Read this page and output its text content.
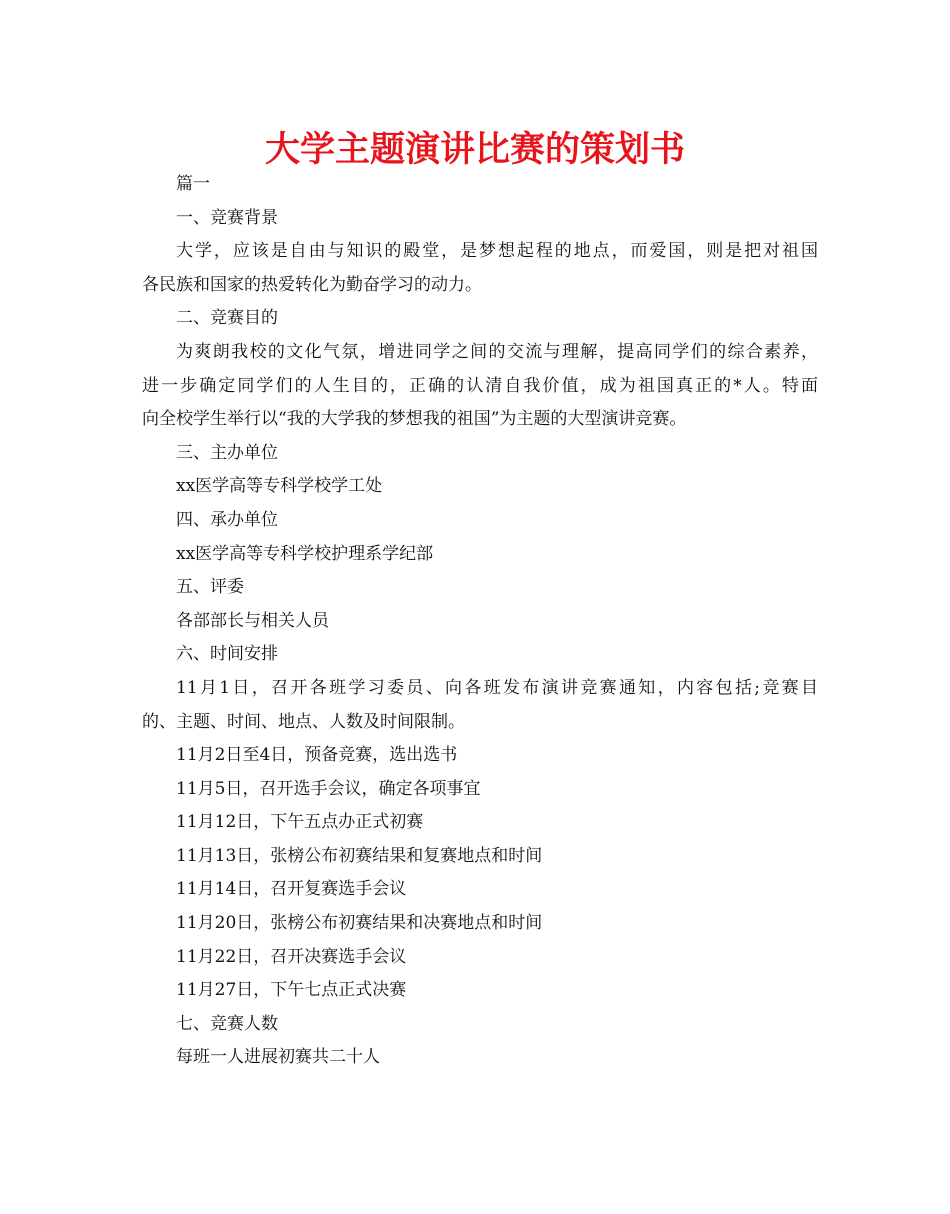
大学主题演讲比赛的策划书
篇一
一、竞赛背景
大学，应该是自由与知识的殿堂，是梦想起程的地点，而爱国，则是把对祖国
各民族和国家的热爱转化为勤奋学习的动力。
二、竞赛目的
为爽朗我校的文化气氛，增进同学之间的交流与理解，提高同学们的综合素养，
进一步确定同学们的人生目的，正确的认清自我价值，成为祖国真正的*人。特面
向全校学生举行以“我的大学我的梦想我的祖国”为主题的大型演讲竞赛。
三、主办单位
xx医学高等专科学校学工处
四、承办单位
xx医学高等专科学校护理系学纪部
五、评委
各部部长与相关人员
六、时间安排
11月1日，召开各班学习委员、向各班发布演讲竞赛通知，内容包括;竞赛目
的、主题、时间、地点、人数及时间限制。
11月2日至4日，预备竞赛，选出选书
11月5日，召开选手会议，确定各项事宜
11月12日，下午五点办正式初赛
11月13日，张榜公布初赛结果和复赛地点和时间
11月14日，召开复赛选手会议
11月20日，张榜公布初赛结果和决赛地点和时间
11月22日，召开决赛选手会议
11月27日，下午七点正式决赛
七、竞赛人数
每班一人进展初赛共二十人
